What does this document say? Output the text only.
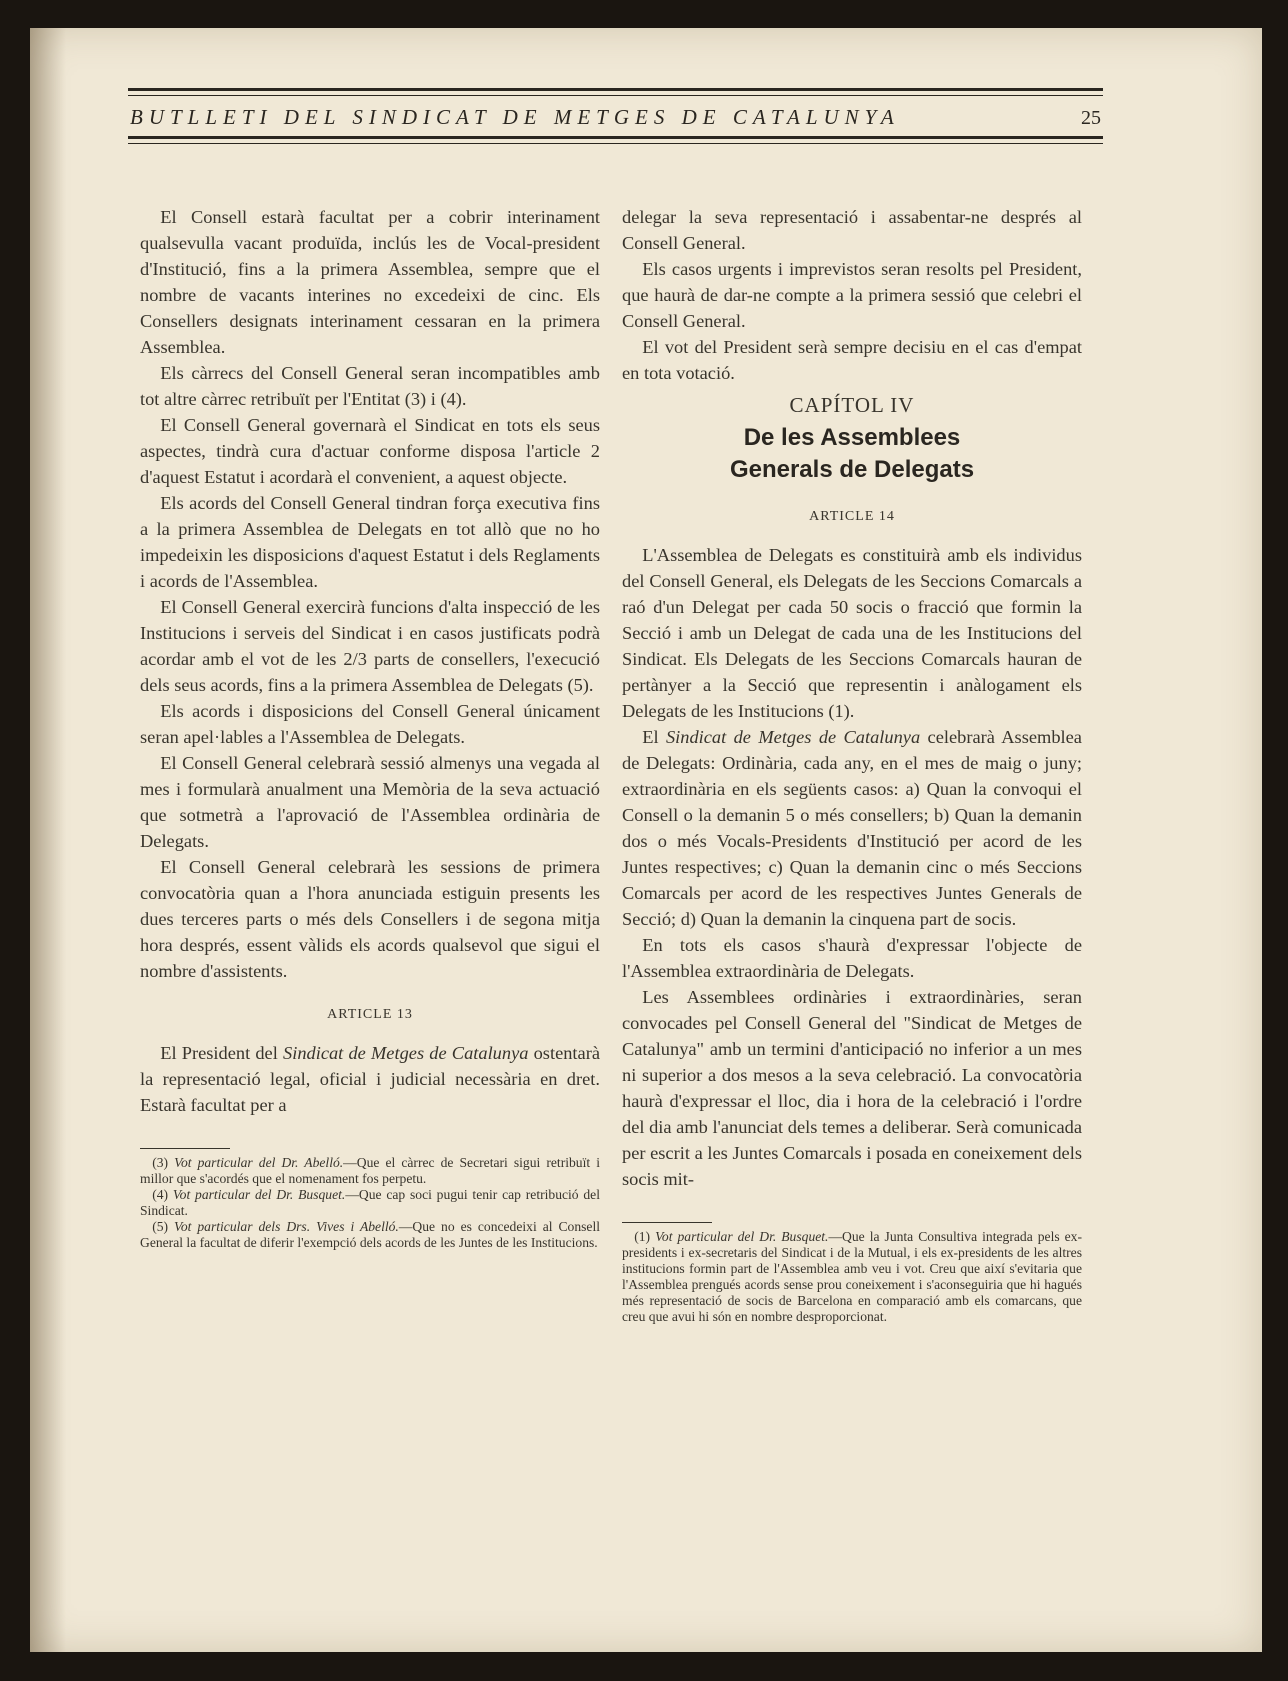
BUTLLETI DEL SINDICAT DE METGES DE CATALUNYA	25

El Consell estarà facultat per a cobrir interinament qualsevulla vacant produïda, inclús les de Vocal-president d'Institució, fins a la primera Assemblea, sempre que el nombre de vacants interines no excedeixi de cinc. Els Consellers designats interinament cessaran en la primera Assemblea.

Els càrrecs del Consell General seran incompatibles amb tot altre càrrec retribuït per l'Entitat (3) i (4).

El Consell General governarà el Sindicat en tots els seus aspectes, tindrà cura d'actuar conforme disposa l'article 2 d'aquest Estatut i acordarà el convenient, a aquest objecte.

Els acords del Consell General tindran força executiva fins a la primera Assemblea de Delegats en tot allò que no ho impedeixin les disposicions d'aquest Estatut i dels Reglaments i acords de l'Assemblea.

El Consell General exercirà funcions d'alta inspecció de les Institucions i serveis del Sindicat i en casos justificats podrà acordar amb el vot de les 2/3 parts de consellers, l'execució dels seus acords, fins a la primera Assemblea de Delegats (5).

Els acords i disposicions del Consell General únicament seran apel·lables a l'Assemblea de Delegats.

El Consell General celebrarà sessió almenys una vegada al mes i formularà anualment una Memòria de la seva actuació que sotmetrà a l'aprovació de l'Assemblea ordinària de Delegats.

El Consell General celebrarà les sessions de primera convocatòria quan a l'hora anunciada estiguin presents les dues terceres parts o més dels Consellers i de segona mitja hora després, essent vàlids els acords qualsevol que sigui el nombre d'assistents.

ARTICLE 13

El President del Sindicat de Metges de Catalunya ostentarà la representació legal, oficial i judicial necessària en dret. Estarà facultat per a

(3) Vot particular del Dr. Abelló.—Que el càrrec de Secretari sigui retribuït i millor que s'acordés que el nomenament fos perpetu.

(4) Vot particular del Dr. Busquet.—Que cap soci pugui tenir cap retribució del Sindicat.

(5) Vot particular dels Drs. Vives i Abelló.—Que no es concedeixi al Consell General la facultat de diferir l'exempció dels acords de les Juntes de les Institucions.

delegar la seva representació i assabentar-ne després al Consell General.

Els casos urgents i imprevistos seran resolts pel President, que haurà de dar-ne compte a la primera sessió que celebri el Consell General.

El vot del President serà sempre decisiu en el cas d'empat en tota votació.

CAPÍTOL IV
De les Assemblees
Generals de Delegats
ARTICLE 14

L'Assemblea de Delegats es constituirà amb els individus del Consell General, els Delegats de les Seccions Comarcals a raó d'un Delegat per cada 50 socis o fracció que formin la Secció i amb un Delegat de cada una de les Institucions del Sindicat. Els Delegats de les Seccions Comarcals hauran de pertànyer a la Secció que representin i anàlogament els Delegats de les Institucions (1).

El Sindicat de Metges de Catalunya celebrarà Assemblea de Delegats: Ordinària, cada any, en el mes de maig o juny; extraordinària en els següents casos: a) Quan la convoqui el Consell o la demanin 5 o més consellers; b) Quan la demanin dos o més Vocals-Presidents d'Institució per acord de les Juntes respectives; c) Quan la demanin cinc o més Seccions Comarcals per acord de les respectives Juntes Generals de Secció; d) Quan la demanin la cinquena part de socis.

En tots els casos s'haurà d'expressar l'objecte de l'Assemblea extraordinària de Delegats.

Les Assemblees ordinàries i extraordinàries, seran convocades pel Consell General del "Sindicat de Metges de Catalunya" amb un termini d'anticipació no inferior a un mes ni superior a dos mesos a la seva celebració. La convocatòria haurà d'expressar el lloc, dia i hora de la celebració i l'ordre del dia amb l'anunciat dels temes a deliberar. Serà comunicada per escrit a les Juntes Comarcals i posada en coneixement dels socis mit-

(1) Vot particular del Dr. Busquet.—Que la Junta Consultiva integrada pels ex-presidents i ex-secretaris del Sindicat i de la Mutual, i els ex-presidents de les altres institucions formin part de l'Assemblea amb veu i vot. Creu que així s'evitaria que l'Assemblea prengués acords sense prou coneixement i s'aconseguiria que hi hagués més representació de socis de Barcelona en comparació amb els comarcans, que creu que avui hi són en nombre desproporcionat.
